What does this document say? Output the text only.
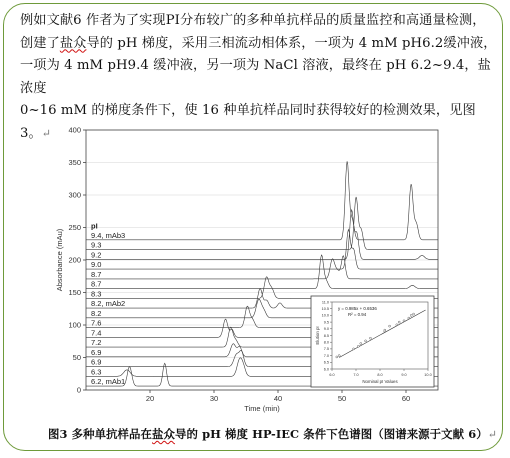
例如文献6 作者为了实现PI分布较广的多种单抗样品的质量监控和高通量检测，

创建了盐众导的 pH 梯度，采用三相流动相体系，一项为 4 mM pH6.2缓冲液，

一项为 4 mM pH9.4 缓冲液，另一项为 NaCl 溶液，最终在 pH 6.2~9.4，盐浓度

0~16 mM 的梯度条件下，使 16 种单抗样品同时获得较好的检测效果，见图 3。↵

0
50
100
150
200
250
300
350
400
20	30	40	50	60
Time (min)
Absorbance (mAu)
pI
6.2, mAb1
6.3
6.9
6.9
7.2
7.4
7.6
8.2
8.2, mAb2
8.3
8.7
8.7
9.0
9.2
9.3
9.4, mAb3
6.0	7.0	8.0	9.0	10.0
6.0
6.5
7.0
7.5
8.0
8.5
9.0
9.5
10.0
10.5
11.0
Nominal pI Values
Elution pI
y = 0.985x + 0.6536
R² = 0.94
图3 多种单抗样品在盐众导的 pH 梯度 HP-IEC 条件下色谱图（图谱来源于文献 6）↵
